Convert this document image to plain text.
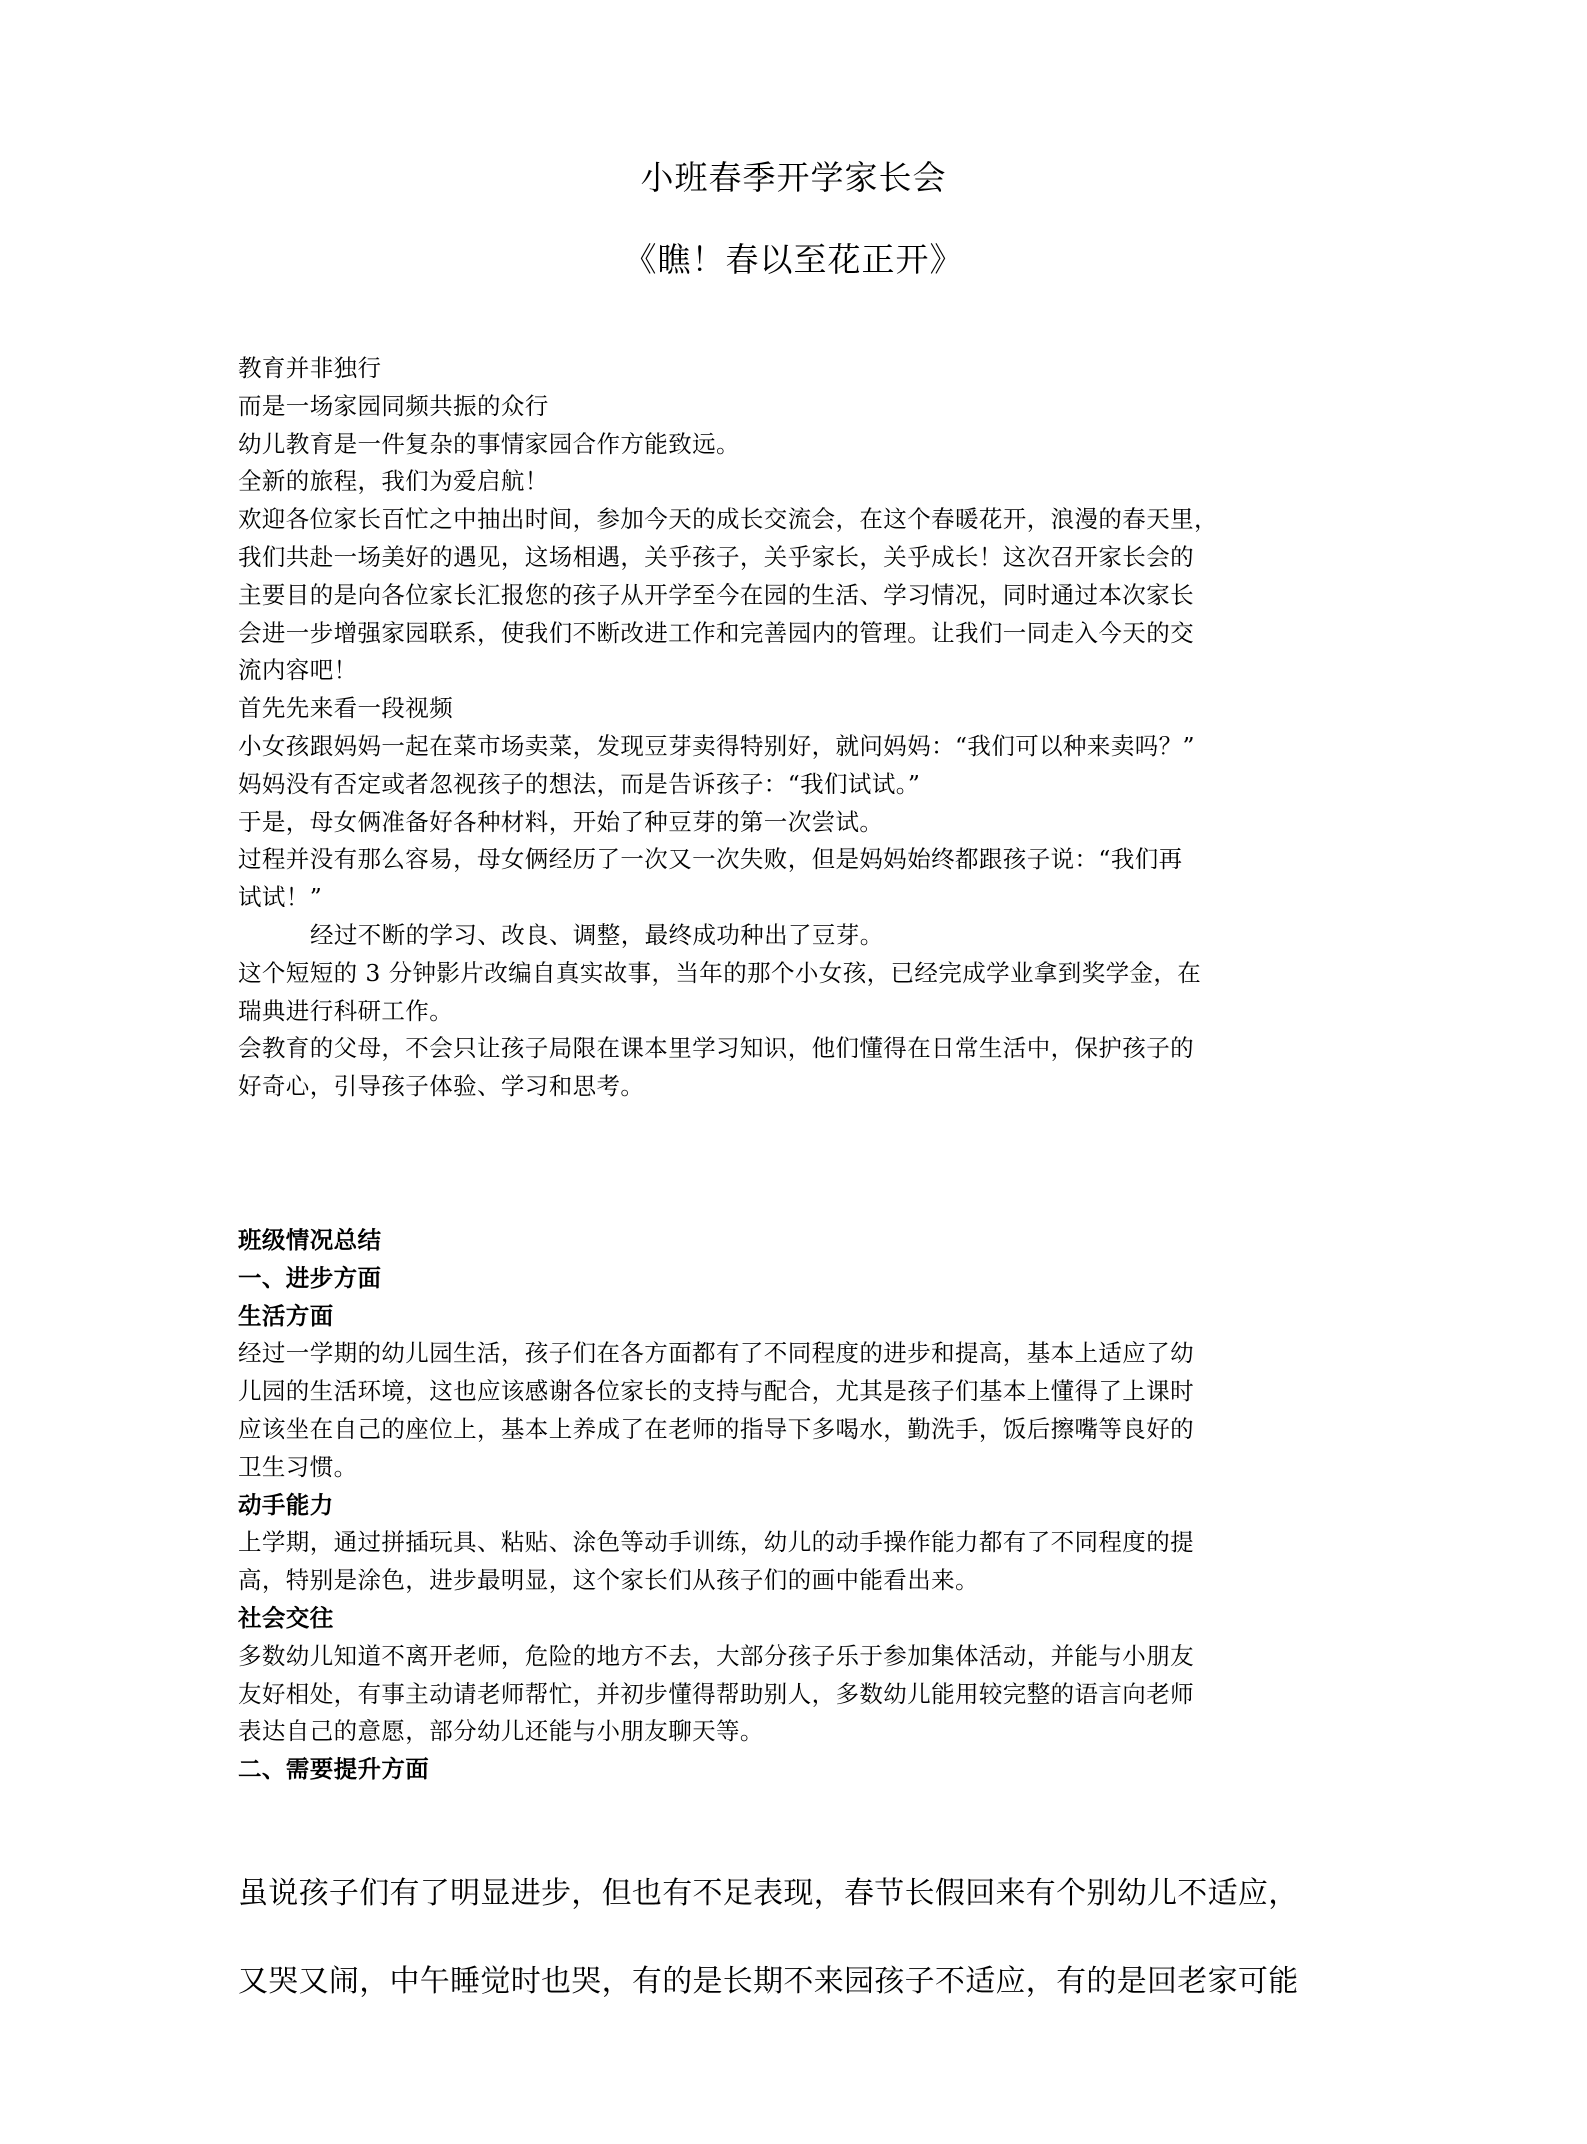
小班春季开学家长会
《瞧！春以至花正开》
教育并非独行
而是一场家园同频共振的众行
幼儿教育是一件复杂的事情家园合作方能致远。
全新的旅程，我们为爱启航！
欢迎各位家长百忙之中抽出时间，参加今天的成长交流会，在这个春暖花开，浪漫的春天里，
我们共赴一场美好的遇见，这场相遇，关乎孩子，关乎家长，关乎成长！这次召开家长会的
主要目的是向各位家长汇报您的孩子从开学至今在园的生活、学习情况，同时通过本次家长
会进一步增强家园联系，使我们不断改进工作和完善园内的管理。让我们一同走入今天的交
流内容吧！
首先先来看一段视频
小女孩跟妈妈一起在菜市场卖菜，发现豆芽卖得特别好，就问妈妈：“我们可以种来卖吗？”
妈妈没有否定或者忽视孩子的想法，而是告诉孩子：“我们试试。”
于是，母女俩准备好各种材料，开始了种豆芽的第一次尝试。
过程并没有那么容易，母女俩经历了一次又一次失败，但是妈妈始终都跟孩子说：“我们再
试试！”
经过不断的学习、改良、调整，最终成功种出了豆芽。
这个短短的 3 分钟影片改编自真实故事，当年的那个小女孩，已经完成学业拿到奖学金，在
瑞典进行科研工作。
会教育的父母，不会只让孩子局限在课本里学习知识，他们懂得在日常生活中，保护孩子的
好奇心，引导孩子体验、学习和思考。
班级情况总结
一、进步方面
生活方面
经过一学期的幼儿园生活，孩子们在各方面都有了不同程度的进步和提高，基本上适应了幼
儿园的生活环境，这也应该感谢各位家长的支持与配合，尤其是孩子们基本上懂得了上课时
应该坐在自己的座位上，基本上养成了在老师的指导下多喝水，勤洗手，饭后擦嘴等良好的
卫生习惯。
动手能力
上学期，通过拼插玩具、粘贴、涂色等动手训练，幼儿的动手操作能力都有了不同程度的提
高，特别是涂色，进步最明显，这个家长们从孩子们的画中能看出来。
社会交往
多数幼儿知道不离开老师，危险的地方不去，大部分孩子乐于参加集体活动，并能与小朋友
友好相处，有事主动请老师帮忙，并初步懂得帮助别人，多数幼儿能用较完整的语言向老师
表达自己的意愿，部分幼儿还能与小朋友聊天等。
二、需要提升方面
虽说孩子们有了明显进步，但也有不足表现，春节长假回来有个别幼儿不适应，
又哭又闹，中午睡觉时也哭，有的是长期不来园孩子不适应，有的是回老家可能
